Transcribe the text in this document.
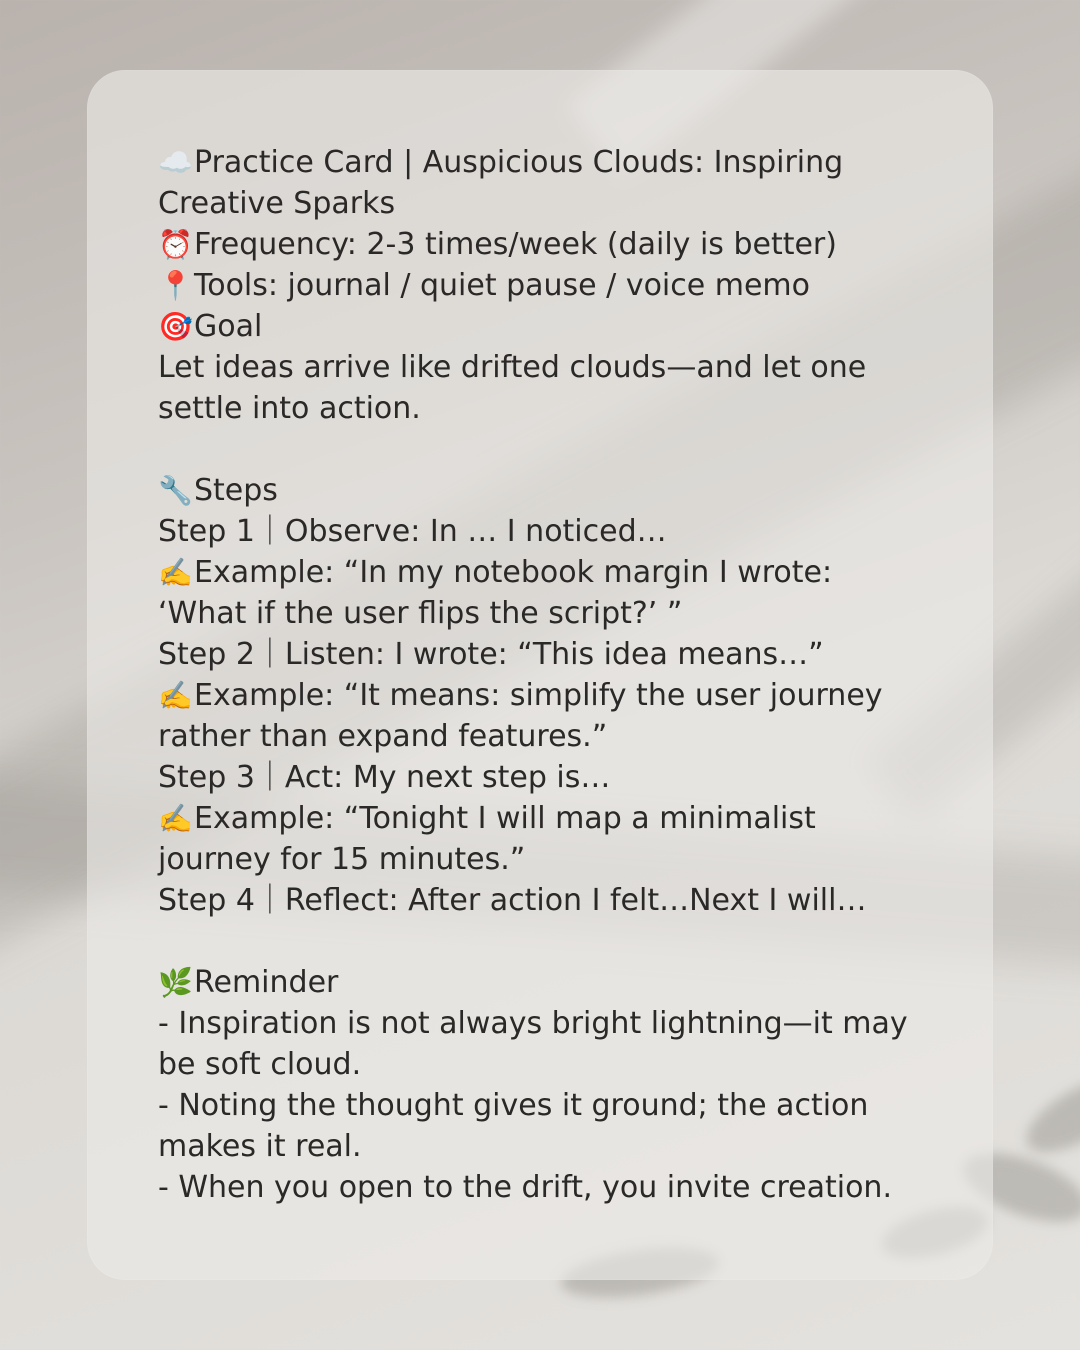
☁️Practice Card | Auspicious Clouds: Inspiring Creative Sparks
⏰Frequency: 2-3 times/week (daily is better)
📍Tools: journal / quiet pause / voice memo
🎯Goal
Let ideas arrive like drifted clouds—and let one settle into action.
🔧Steps
Step 1｜Observe: In … I noticed…
✍️Example: “In my notebook margin I wrote: ‘What if the user flips the script?’ ”
Step 2｜Listen: I wrote: “This idea means…”
✍️Example: “It means: simplify the user journey rather than expand features.”
Step 3｜Act: My next step is…
✍️Example: “Tonight I will map a minimalist journey for 15 minutes.”
Step 4｜Reflect: After action I felt…Next I will…
🌿Reminder
- Inspiration is not always bright lightning—it may be soft cloud.
- Noting the thought gives it ground; the action makes it real.
- When you open to the drift, you invite creation.
